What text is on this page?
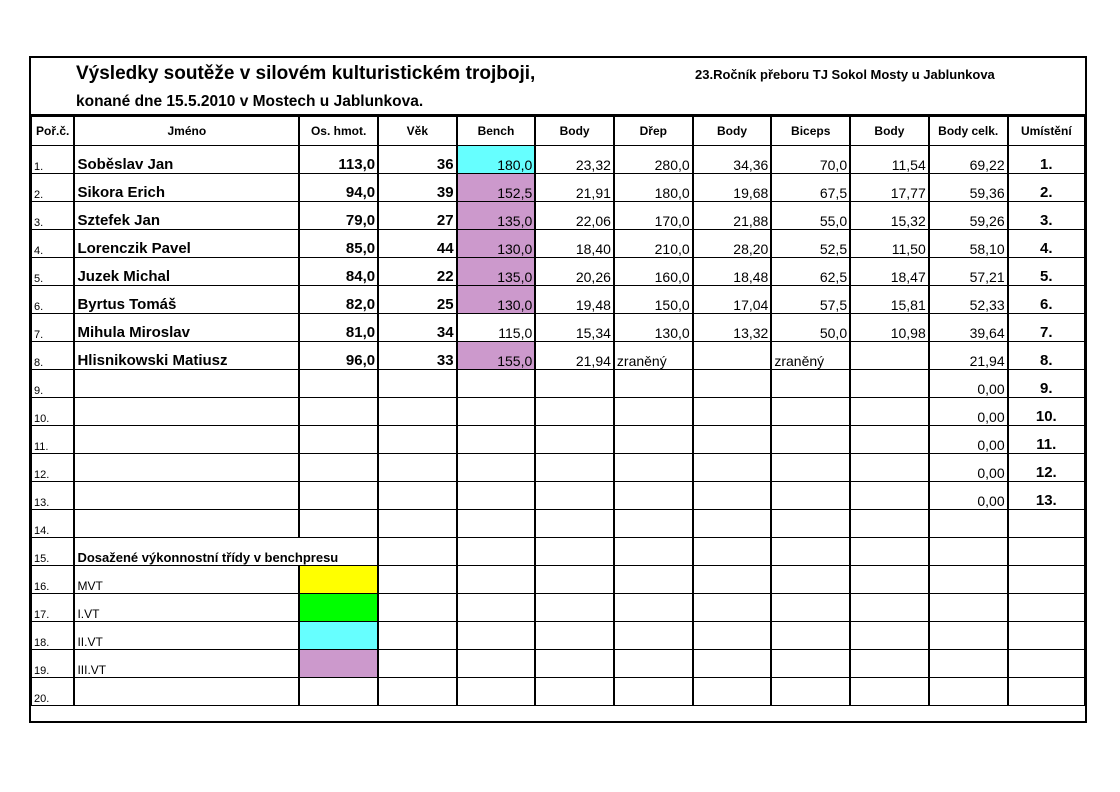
Výsledky soutěže v silovém kulturistickém trojboji,
konané dne 15.5.2010 v Mostech u Jablunkova.
23.Ročník přeboru TJ Sokol Mosty u Jablunkova
Poř.č.	Jméno	Os. hmot.	Věk	Bench	Body	Dřep	Body	Biceps	Body	Body celk.	Umístění
1.	Soběslav Jan	113,0	36	180,0	23,32	280,0	34,36	70,0	11,54	69,22	1.
2.	Sikora Erich	94,0	39	152,5	21,91	180,0	19,68	67,5	17,77	59,36	2.
3.	Sztefek Jan	79,0	27	135,0	22,06	170,0	21,88	55,0	15,32	59,26	3.
4.	Lorenczik Pavel	85,0	44	130,0	18,40	210,0	28,20	52,5	11,50	58,10	4.
5.	Juzek Michal	84,0	22	135,0	20,26	160,0	18,48	62,5	18,47	57,21	5.
6.	Byrtus Tomáš	82,0	25	130,0	19,48	150,0	17,04	57,5	15,81	52,33	6.
7.	Mihula Miroslav	81,0	34	115,0	15,34	130,0	13,32	50,0	10,98	39,64	7.
8.	Hlisnikowski Matiusz	96,0	33	155,0	21,94	zraněný		zraněný		21,94	8.
9.										0,00	9.
10.										0,00	10.
11.										0,00	11.
12.										0,00	12.
13.										0,00	13.
14.											
15.	Dosažené výkonnostní třídy v benchpresu										
16.	MVT										
17.	I.VT										
18.	II.VT										
19.	III.VT										
20.											
